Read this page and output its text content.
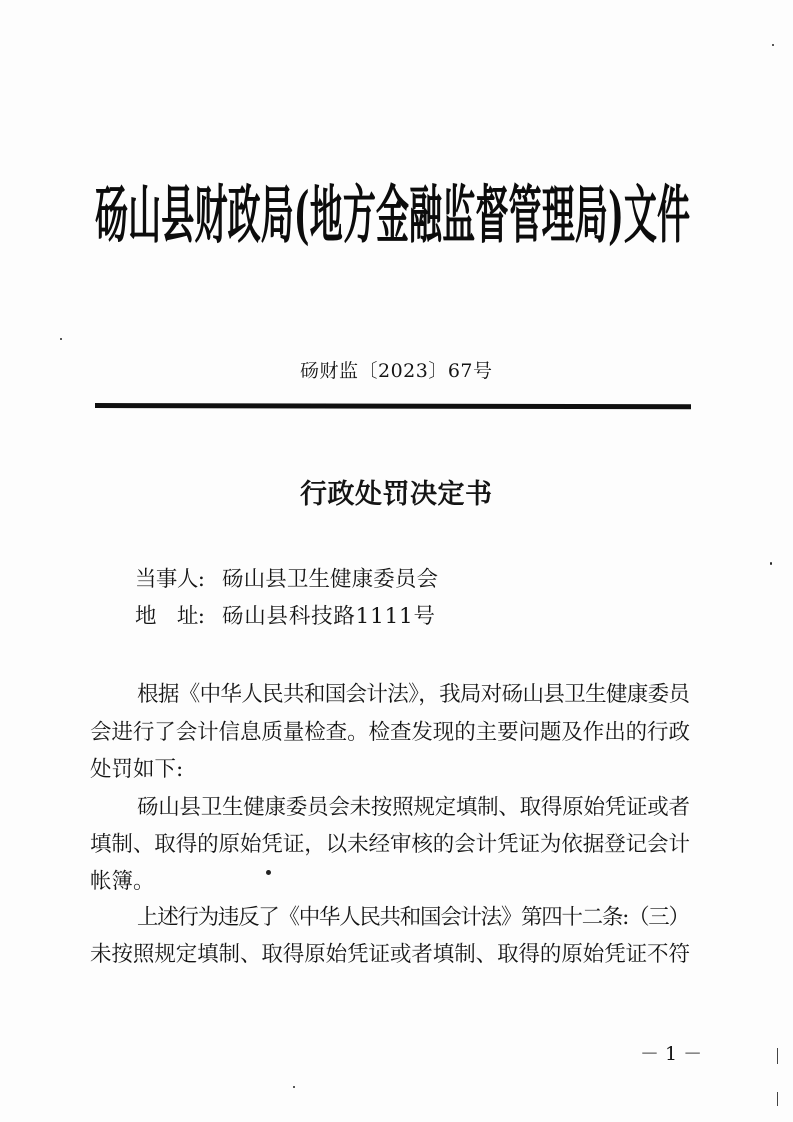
砀山县财政局(地方金融监督管理局)文件
砀财监〔2023〕67号
行政处罚决定书
当事人: 砀山县卫生健康委员会
地　址: 砀山县科技路1111号
根据《中华人民共和国会计法》，我局对砀山县卫生健康委员
会进行了会计信息质量检查。检查发现的主要问题及作出的行政
处罚如下:
砀山县卫生健康委员会未按照规定填制、取得原始凭证或者
填制、取得的原始凭证，以未经审核的会计凭证为依据登记会计
帐簿。
上述行为违反了《中华人民共和国会计法》第四十二条:（三）
未按照规定填制、取得原始凭证或者填制、取得的原始凭证不符
－ 1 －
